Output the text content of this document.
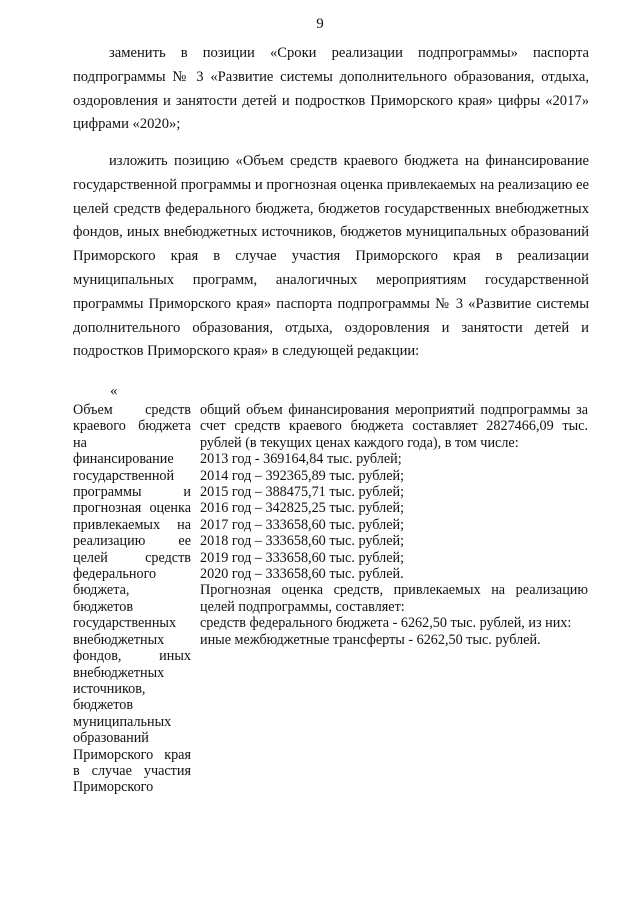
9
заменить в позиции «Сроки реализации подпрограммы» паспорта подпрограммы № 3 «Развитие системы дополнительного образования, отдыха, оздоровления и занятости детей и подростков Приморского края» цифры «2017» цифрами «2020»;
изложить позицию «Объем средств краевого бюджета на финансирование государственной программы и прогнозная оценка привлекаемых на реализацию ее целей средств федерального бюджета, бюджетов государственных внебюджетных фондов, иных внебюджетных источников, бюджетов муниципальных образований Приморского края в случае участия Приморского края в реализации муниципальных программ, аналогичных мероприятиям государственной программы Приморского края» паспорта подпрограммы № 3 «Развитие системы дополнительного образования, отдыха, оздоровления и занятости детей и подростков Приморского края» в следующей редакции:
«
Объем средств краевого бюджета на финансирование государственной программы и прогнозная оценка привлекаемых на реализацию ее целей средств федерального бюджета, бюджетов государственных внебюджетных фондов, иных внебюджетных источников, бюджетов муниципальных образований Приморского края в случае участия Приморского
общий объем финансирования мероприятий подпрограммы за счет средств краевого бюджета составляет 2827466,09 тыс. рублей (в текущих ценах каждого года), в том числе:
2013 год - 369164,84 тыс. рублей;
2014 год – 392365,89 тыс. рублей;
2015 год – 388475,71 тыс. рублей;
2016 год – 342825,25 тыс. рублей;
2017 год – 333658,60 тыс. рублей;
2018 год – 333658,60 тыс. рублей;
2019 год – 333658,60 тыс. рублей;
2020 год – 333658,60 тыс. рублей.
Прогнозная оценка средств, привлекаемых на реализацию целей подпрограммы, составляет:
средств федерального бюджета - 6262,50 тыс. рублей, из них:
иные межбюджетные трансферты - 6262,50 тыс. рублей.
